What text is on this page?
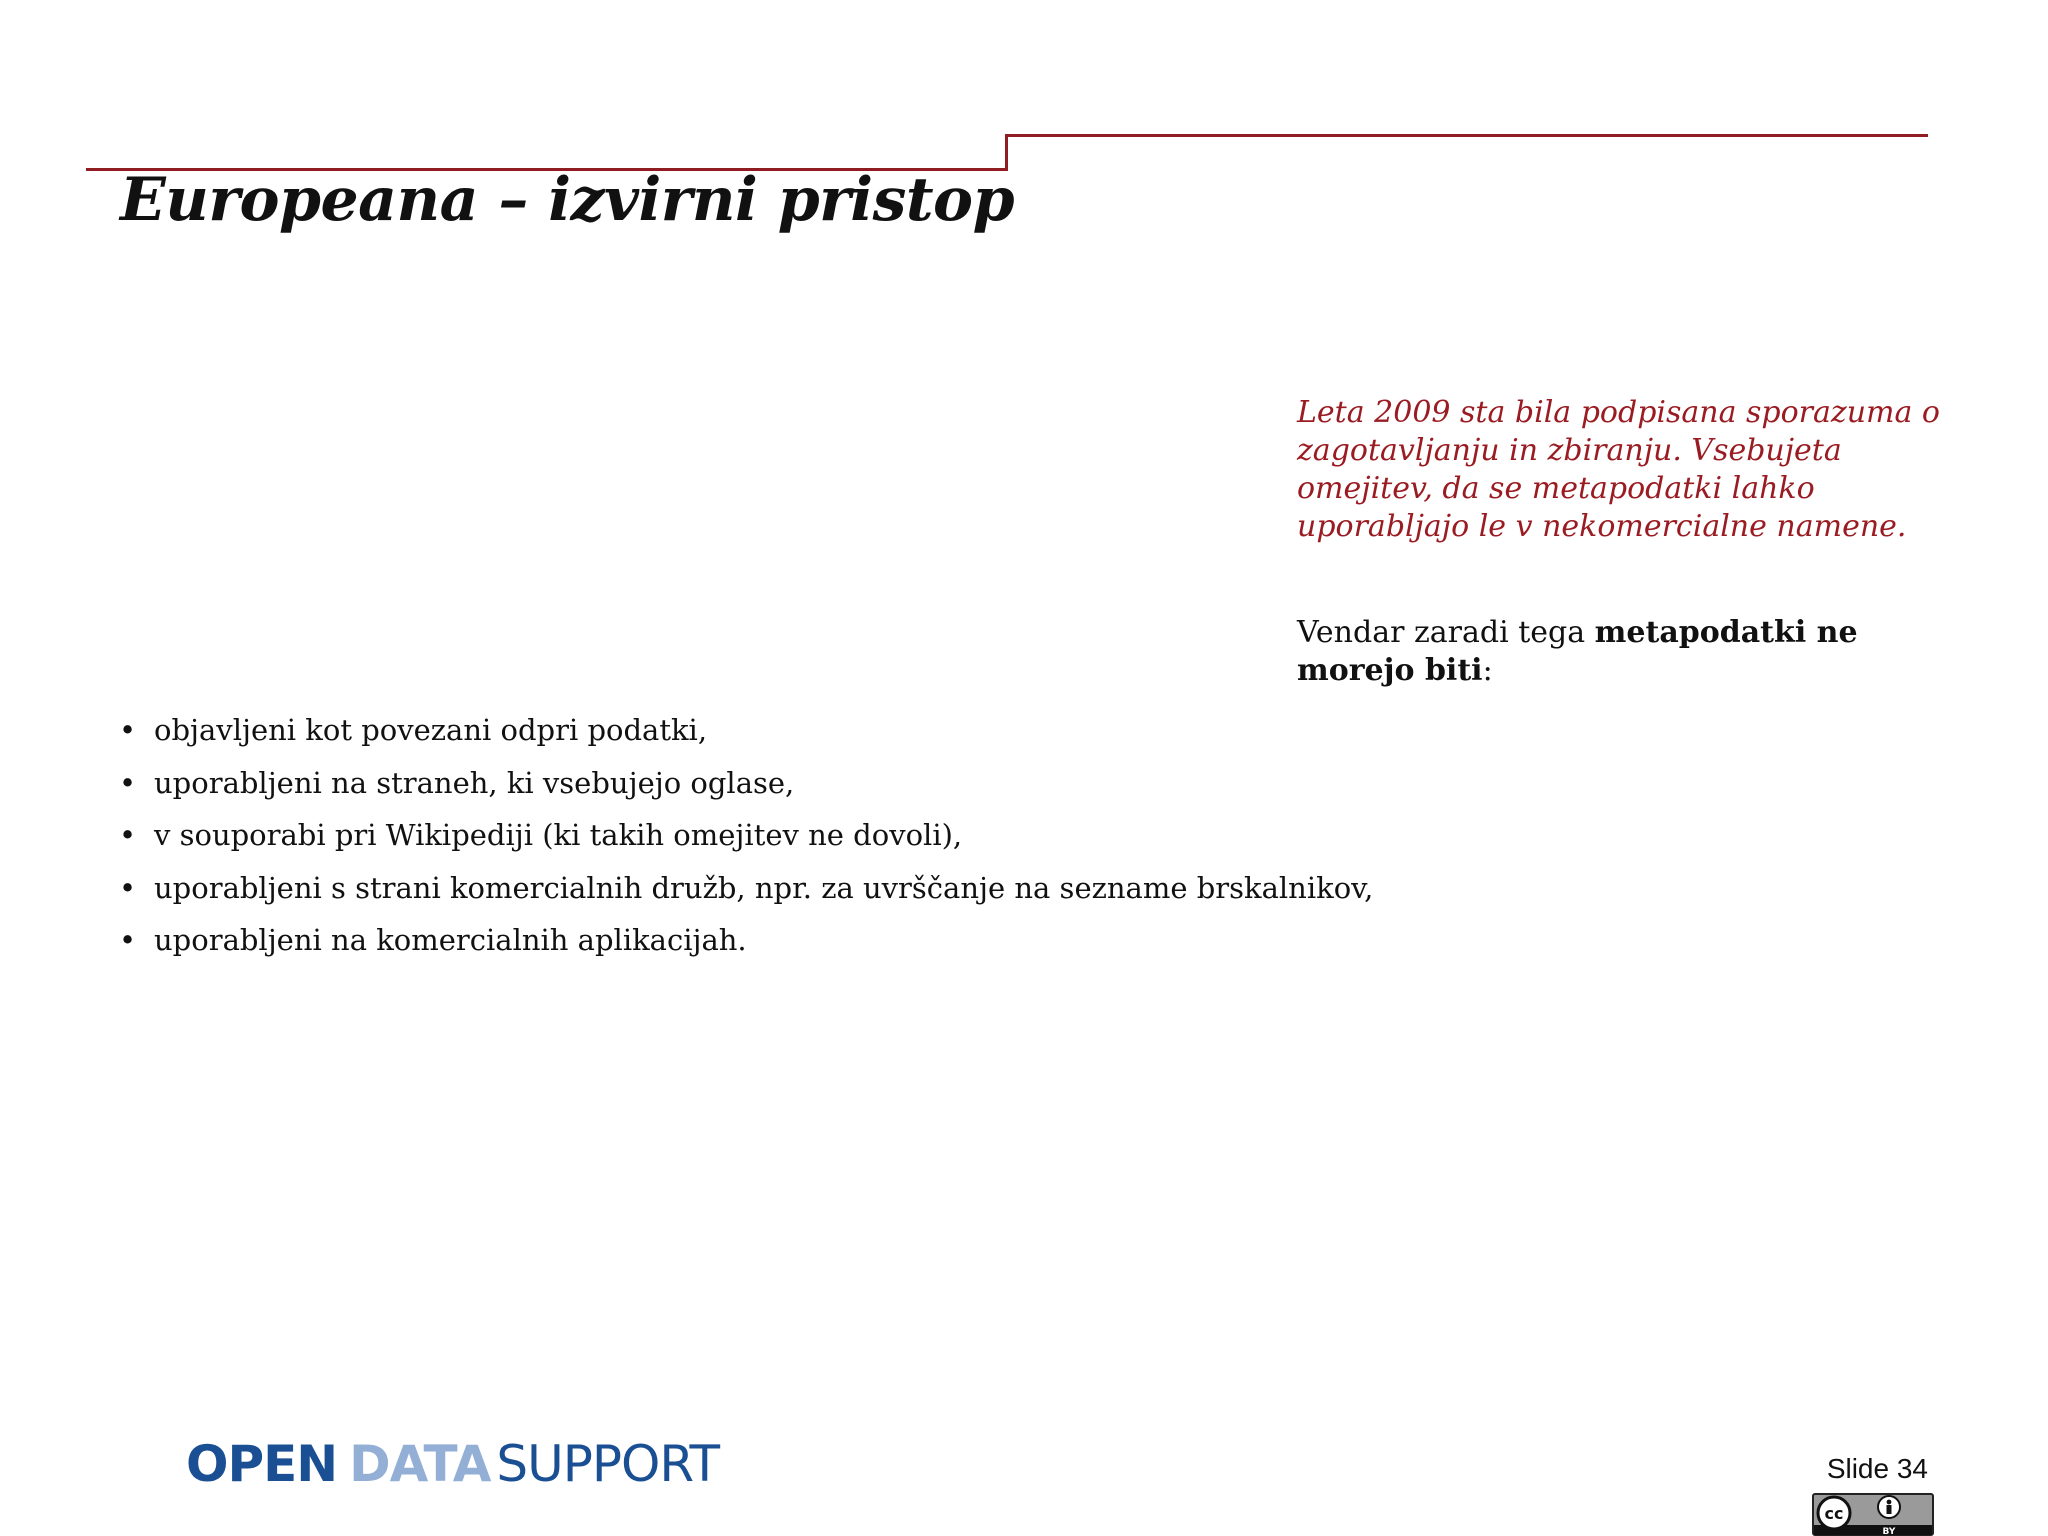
Europeana – izvirni pristop
Leta 2009 sta bila podpisana sporazuma o zagotavljanju in zbiranju. Vsebujeta omejitev, da se metapodatki lahko uporabljajo le v nekomercialne namene.
Vendar zaradi tega metapodatki ne morejo biti:
• objavljeni kot povezani odpri podatki,
• uporabljeni na straneh, ki vsebujejo oglase,
• v souporabi pri Wikipediji (ki takih omejitev ne dovoli),
• uporabljeni s strani komercialnih družb, npr. za uvrščanje na sezname brskalnikov,
• uporabljeni na komercialnih aplikacijah.
OPEN DATA SUPPORT	Slide 34
cc
BY
